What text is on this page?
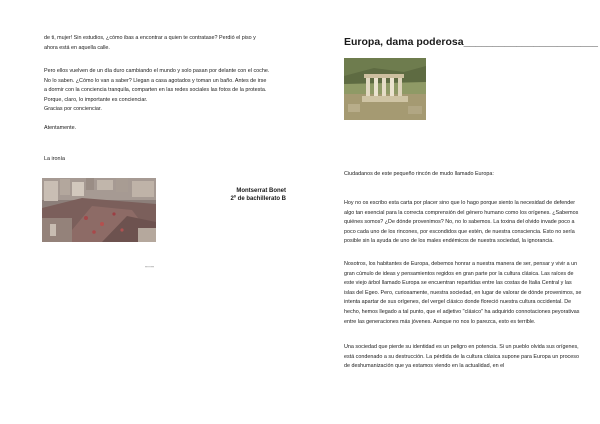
de ti, mujer! Sin estudios, ¿cómo ibas a encontrar a quien te contratase? Perdió el piso y ahora está en aquella calle.

Pero ellos vuelven de un día duro cambiando el mundo y solo pasan por delante con el coche. No lo saben. ¿Cómo lo van a saber? Llegan a casa agotados y toman un baño. Antes de irse a dormir con la conciencia tranquila, comparten en las redes sociales las fotos de la protesta. Porque, claro, lo importante es concienciar.

Gracias por concienciar.

Atentamente.

La ironía

Montserrat Bonet
2º de bachillerato B
········
Europa, dama poderosa_______________________

Ciudadanos de este pequeño rincón de mudo llamado Europa:

Hoy no os escribo esta carta por placer sino que lo hago porque siento la necesidad de defender algo tan esencial para la correcta comprensión del género humano como los orígenes. ¿Sabemos quiénes somos? ¿De dónde provenimos? No, no lo sabemos. La toxina del olvido invade poco a poco cada uno de los rincones, por escondidos que estén, de nuestra consciencia. Esto no sería posible sin la ayuda de uno de los males endémicos de nuestra sociedad, la ignorancia.

Nosotros, los habitantes de Europa, debemos honrar a nuestra manera de ser, pensar y vivir a un gran cúmulo de ideas y pensamientos regidos en gran parte por la cultura clásica. Las raíces de este viejo árbol llamado Europa se encuentran repartidas entre las costas de Italia Central y las islas del Egeo. Pero, curiosamente, nuestra sociedad, en lugar de valorar de dónde provenimos, se intenta apartar de sus orígenes, del vergel clásico donde floreció nuestra cultura occidental. De hecho, hemos llegado a tal punto, que el adjetivo "clásico" ha adquirido connotaciones peyorativas entre las generaciones más jóvenes. Aunque no nos lo parezca, esto es terrible.

Una sociedad que pierde su identidad es un peligro en potencia. Si un pueblo olvida sus orígenes, está condenado a su destrucción. La pérdida de la cultura clásica supone para Europa un proceso de deshumanización que ya estamos viendo en la actualidad, en el
